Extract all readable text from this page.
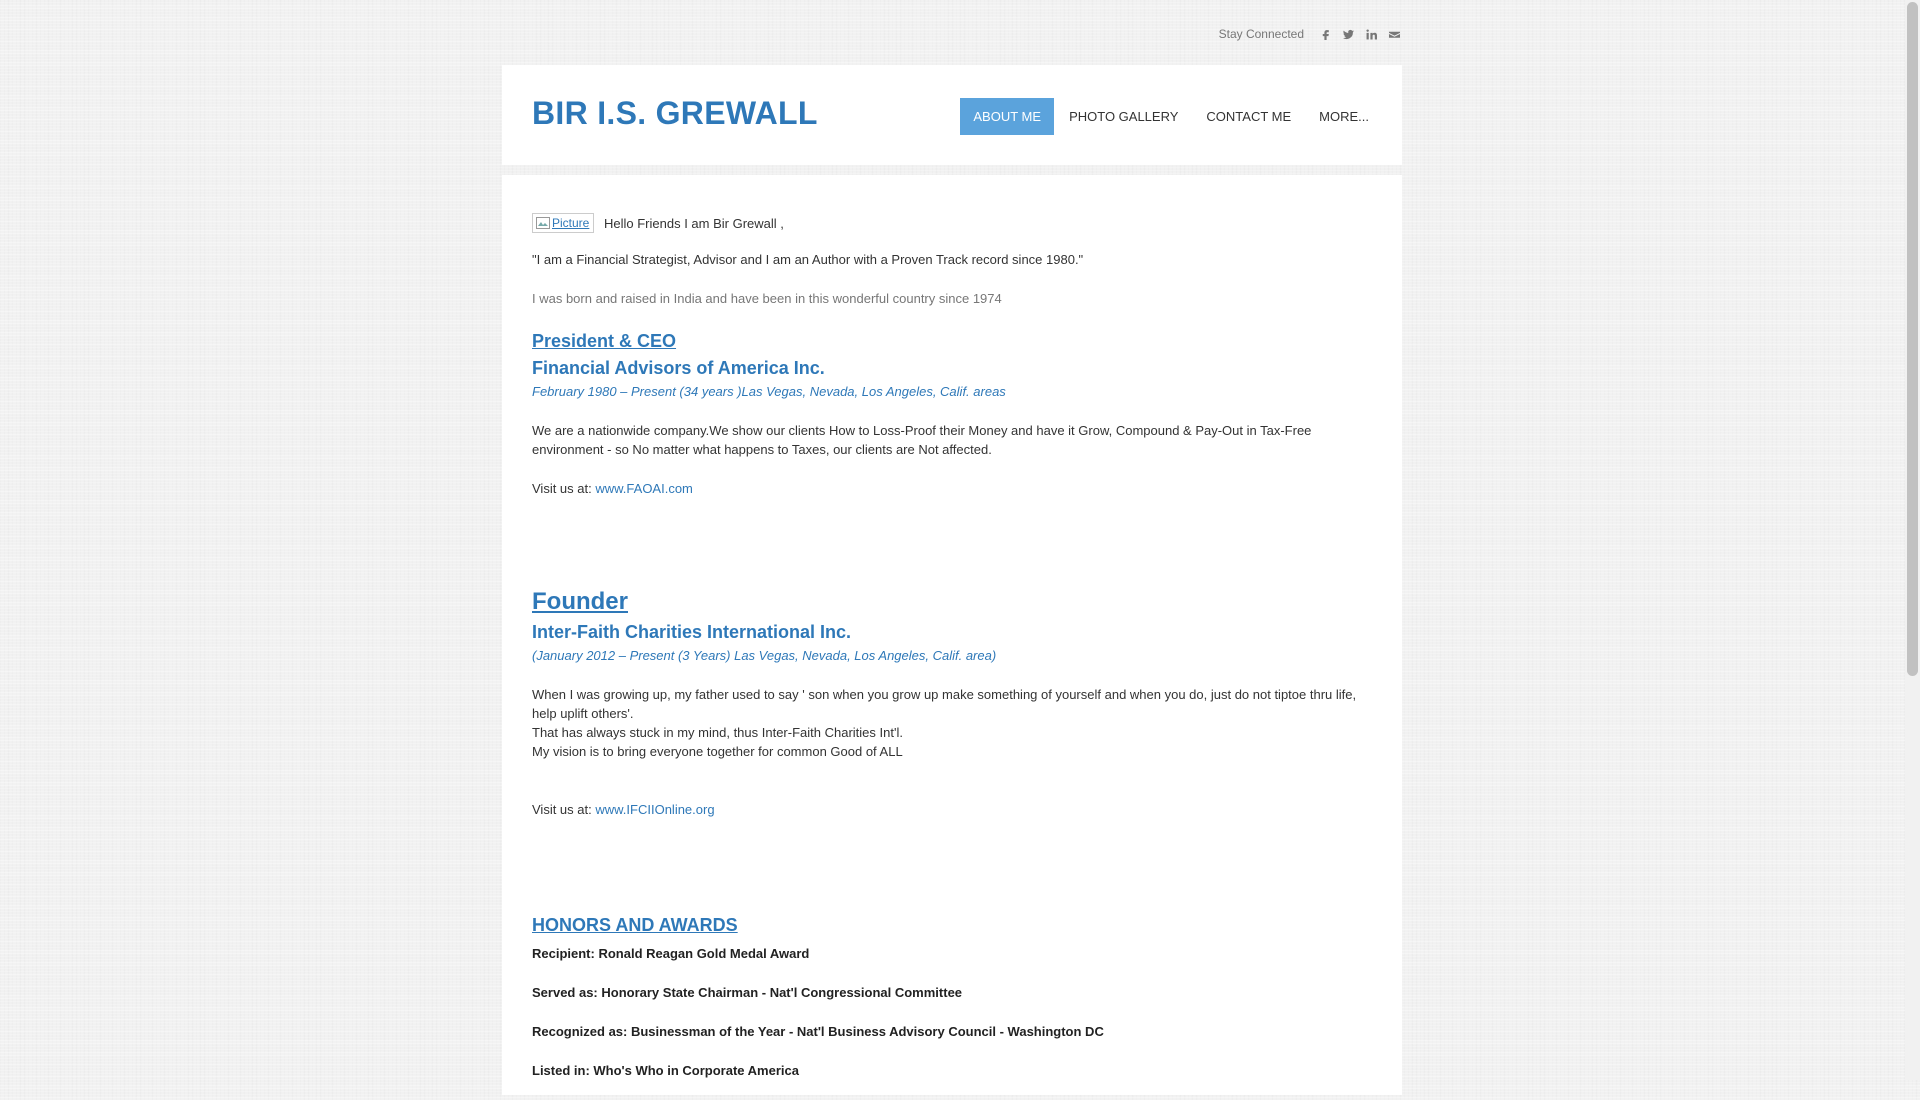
Stay Connected
BIR I.S. GREWALL	ABOUT ME	PHOTO GALLERY	CONTACT ME	MORE...
Picture Hello Friends I am Bir Grewall ,

"I am a Financial Strategist, Advisor and I am an Author with a Proven Track record since 1980."

I was born and raised in India and have been in this wonderful country since 1974

President & CEO
Financial Advisors of America Inc.

February 1980 – Present (34 years )Las Vegas, Nevada, Los Angeles, Calif. areas

We are a nationwide company.We show our clients How to Loss-Proof their Money and have it Grow, Compound & Pay-Out in Tax-Free environment - so No matter what happens to Taxes, our clients are Not affected.

Visit us at: www.FAOAI.com

Founder
Inter-Faith Charities International Inc.

(January 2012 – Present (3 Years) Las Vegas, Nevada, Los Angeles, Calif. area)

When I was growing up, my father used to say ' son when you grow up make something of yourself and when you do, just do not tiptoe thru life, help uplift others'.

That has always stuck in my mind, thus Inter-Faith Charities Int'l.

My vision is to bring everyone together for common Good of ALL

Visit us at: www.IFCIIOnline.org

HONORS AND AWARDS

Recipient: Ronald Reagan Gold Medal Award

Served as: Honorary State Chairman - Nat'l Congressional Committee

Recognized as: Businessman of the Year - Nat'l Business Advisory Council - Washington DC

Listed in: Who's Who in Corporate America
